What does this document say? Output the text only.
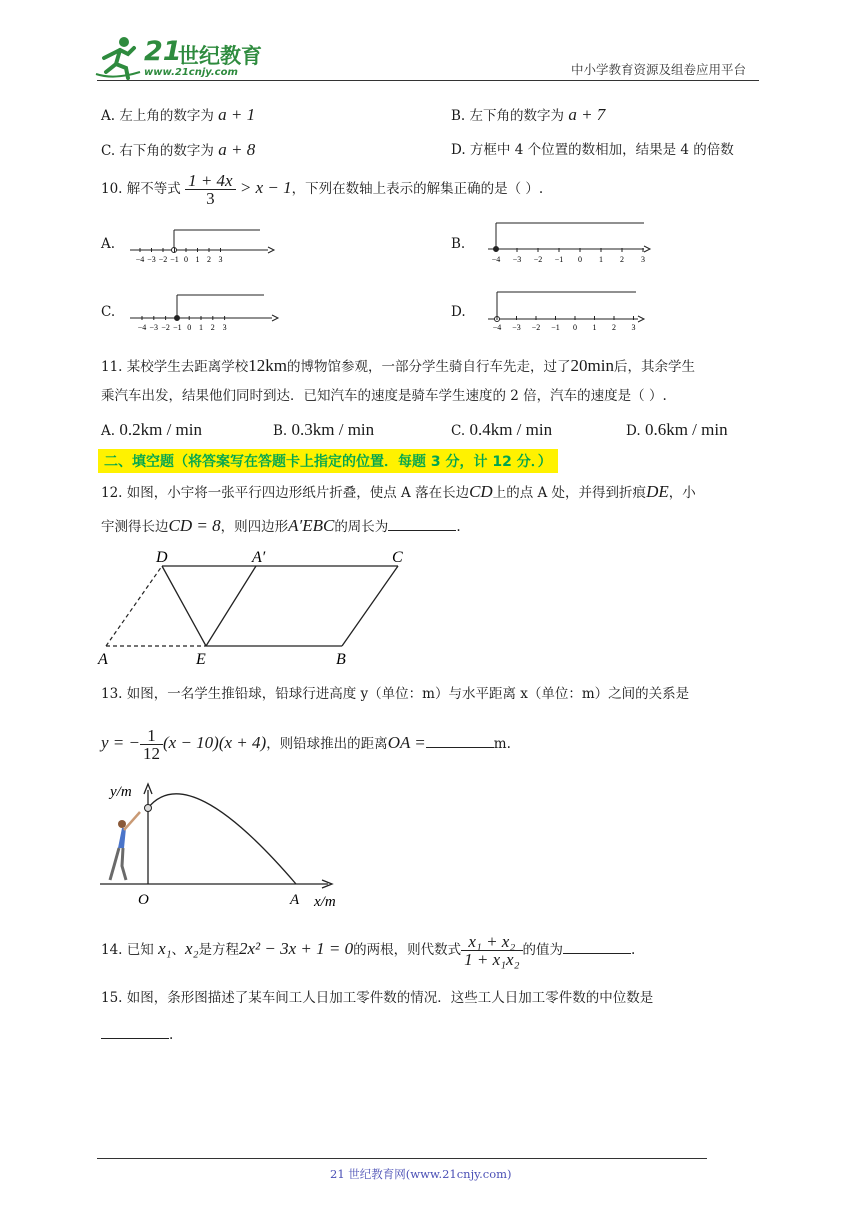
21
世纪教育
www.21cnjy.com	中小学教育资源及组卷应用平台
A. 左上角的数字为 a + 1	B. 左下角的数字为 a + 7
C. 右下角的数字为 a + 8	D. 方框中 4 个位置的数相加，结果是 4 的倍数
10. 解不等式 $\frac{1 + 4x}{3} > x - 1$，下列在数轴上表示的解集正确的是（ ）.
A.	B.
C.	D.
−4 −3 −2 −1 0 1 2 3	−4 −3 −2 −1 0 1 2 3
−4 −3 −2 −1 0 1 2 3	−4 −3 −2 −1 0 1 2 3
11. 某校学生去距离学校12km的博物馆参观，一部分学生骑自行车先走，过了20min后，其余学生
乘汽车出发，结果他们同时到达．已知汽车的速度是骑车学生速度的 2 倍，汽车的速度是（ ）.
A. 0.2km / min	B. 0.3km / min	C. 0.4km / min	D. 0.6km / min
二、填空题（将答案写在答题卡上指定的位置．每题 3 分，计 12 分．）
12. 如图，小宇将一张平行四边形纸片折叠，使点 A 落在长边CD上的点 A 处，并得到折痕DE，小
宇测得长边CD = 8，则四边形A′EBC的周长为	.
D	A′	C
A	E	B
13. 如图，一名学生推铅球，铅球行进高度 y（单位：m）与水平距离 x（单位：m）之间的关系是
y = − $\frac{1}{12} (x - 10)(x + 4)$，则铅球推出的距离OA =	m.
y/m
x/m
O	A
14. 已知 x₁、x₂是方程2x² − 3x + 1 = 0的两根，则代数式 $\frac{\text{x₁ + x₂}}{\text{1 + x₁x₂}}$ 的值为	.
15. 如图，条形图描述了某车间工人日加工零件数的情况．这些工人日加工零件数的中位数是
.
21 世纪教育网(www.21cnjy.com)
